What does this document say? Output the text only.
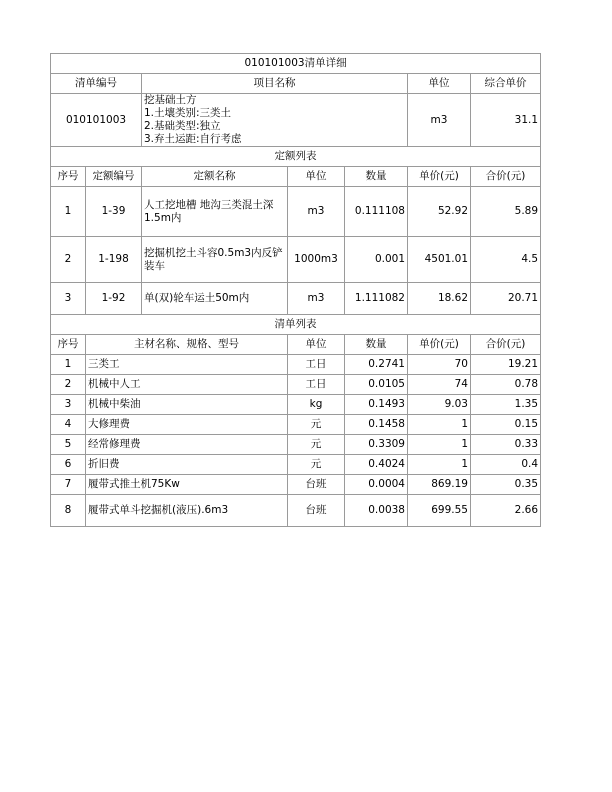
010101003清单详细						
清单编号		项目名称			单位	综合单价
010101003		挖基础土方
1.土壤类别:三类土
2.基础类型:独立
3.弃土运距:自行考虑			m3	31.1
定额列表						
序号	定额编号	定额名称	单位	数量	单价(元)	合价(元)
1	1-39	人工挖地槽 地沟三类混土深1.5m内	m3	0.111108	52.92	5.89
2	1-198	挖掘机挖土斗容0.5m3内反铲装车	1000m3	0.001	4501.01	4.5
3	1-92	单(双)轮车运土50m内	m3	1.111082	18.62	20.71
清单列表						
序号	主材名称、规格、型号		单位	数量	单价(元)	合价(元)
1	三类工		工日	0.2741	70	19.21
2	机械中人工		工日	0.0105	74	0.78
3	机械中柴油		kg	0.1493	9.03	1.35
4	大修理费		元	0.1458	1	0.15
5	经常修理费		元	0.3309	1	0.33
6	折旧费		元	0.4024	1	0.4
7	履带式推土机75Kw		台班	0.0004	869.19	0.35
8	履带式单斗挖掘机(液压).6m3		台班	0.0038	699.55	2.66
